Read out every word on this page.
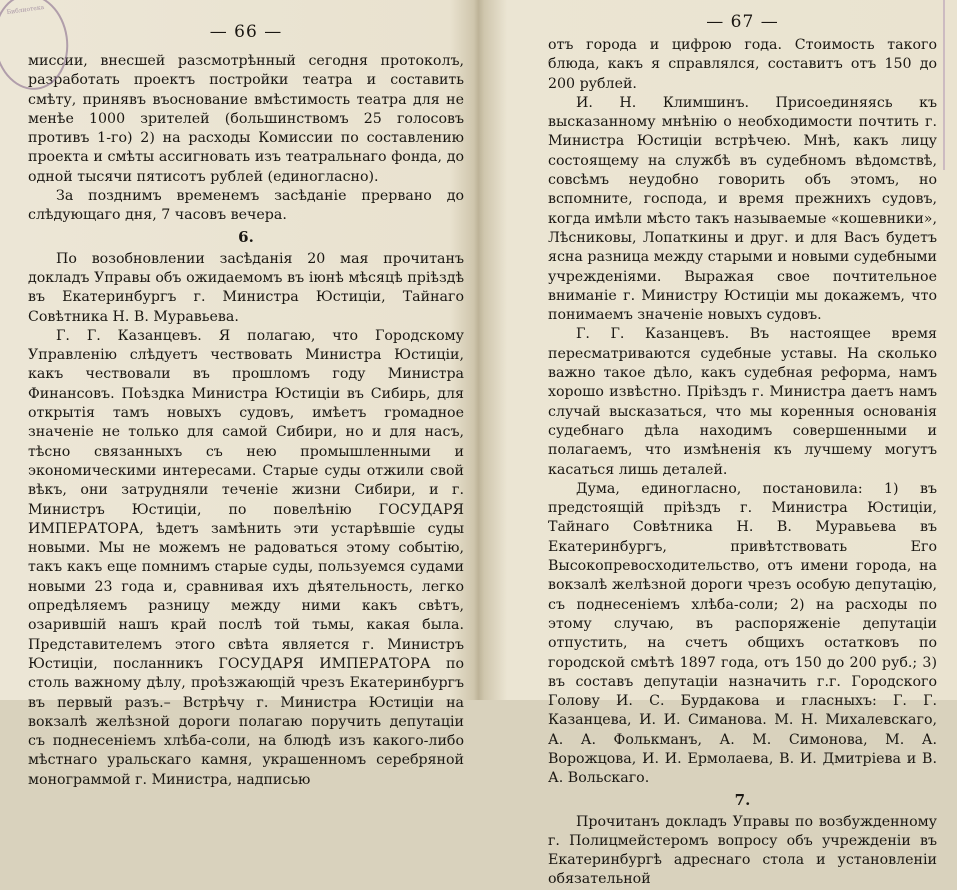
Библиотека
— 66 —

миссии, внесшей разсмотрѣнный сегодня протоколъ, разработать проектъ постройки театра и составить смѣту, принявъ въоснование вмѣстимость театра для не менѣе 1000 зрителей (большинствомъ 25 голосовъ противъ 1-го) 2) на расходы Комиссии по составлению проекта и смѣты ассигновать изъ театральнаго фонда, до одной тысячи пятисотъ рублей (единогласно).

За позднимъ временемъ засѣданіе прервано до слѣдующаго дня, 7 часовъ вечера.

6.

По возобновлении засѣданія 20 мая прочитанъ докладъ Управы объ ожидаемомъ въ іюнѣ мѣсяцѣ пріѣздѣ въ Екатеринбургъ г. Министра Юстиціи, Тайнаго Совѣтника Н. В. Муравьева.

Г. Г. Казанцевъ. Я полагаю, что Городскому Управленію слѣдуетъ чествовать Министра Юстиціи, какъ чествовали въ прошломъ году Министра Финансовъ. Поѣздка Министра Юстиціи въ Сибирь, для открытія тамъ новыхъ судовъ, имѣетъ громадное значеніе не только для самой Сибири, но и для насъ, тѣсно связанныхъ съ нею промышленными и экономическими интересами. Старые суды отжили свой вѣкъ, они затрудняли теченіе жизни Сибири, и г. Министръ Юстиціи, по повелѣнію ГОСУДАРЯ ИМПЕРАТОРА, ѣдетъ замѣнить эти устарѣвшіе суды новыми. Мы не можемъ не радоваться этому событію, такъ какъ еще помнимъ старые суды, пользуемся судами новыми 23 года и, сравнивая ихъ дѣятельность, легко опредѣляемъ разницу между ними какъ свѣтъ, озарившій нашъ край послѣ той тьмы, какая была. Представителемъ этого свѣта является г. Министръ Юстиціи, посланникъ ГОСУДАРЯ ИМПЕРАТОРА по столь важному дѣлу, проѣзжающій чрезъ Екатеринбургъ въ первый разъ.– Встрѣчу г. Министра Юстиціи на вокзалѣ желѣзной дороги полагаю поручить депутаціи съ поднесеніемъ хлѣба-соли, на блюдѣ изъ какого-либо мѣстнаго уральскаго камня, украшенномъ серебряной монограммой г. Министра, надписью

— 67 —

отъ города и цифрою года. Стоимость такого блюда, какъ я справлялся, составитъ отъ 150 до 200 рублей.

И. Н. Климшинъ. Присоединяясь къ высказанному мнѣнію о необходимости почтить г. Министра Юстиціи встрѣчею. Мнѣ, какъ лицу состоящему на службѣ въ судебномъ вѣдомствѣ, совсѣмъ неудобно говорить объ этомъ, но вспомните, господа, и время прежнихъ судовъ, когда имѣли мѣсто такъ называемые «кошевники», Лѣсниковы, Лопаткины и друг. и для Васъ будетъ ясна разница между старыми и новыми судебными учрежденіями. Выражая свое почтительное вниманіе г. Министру Юстиціи мы докажемъ, что понимаемъ значеніе новыхъ судовъ.

Г. Г. Казанцевъ. Въ настоящее время пересматриваются судебные уставы. На сколько важно такое дѣло, какъ судебная реформа, намъ хорошо извѣстно. Пріѣздъ г. Министра даетъ намъ случай высказаться, что мы коренныя основанія судебнаго дѣла находимъ совершенными и полагаемъ, что измѣненія къ лучшему могутъ касаться лишь деталей.

Дума, единогласно, постановила: 1) въ предстоящій пріѣздъ г. Министра Юстиціи, Тайнаго Совѣтника Н. В. Муравьева въ Екатеринбургъ, привѣтствовать Его Высокопревосходительство, отъ имени города, на вокзалѣ желѣзной дороги чрезъ особую депутацію, съ поднесеніемъ хлѣба-соли; 2) на расходы по этому случаю, въ распоряженіе депутаціи отпустить, на счетъ общихъ остатковъ по городской смѣтѣ 1897 года, отъ 150 до 200 руб.; 3) въ составъ депутаціи назначить г.г. Городского Голову И. С. Бурдакова и гласныхъ: Г. Г. Казанцева, И. И. Симанова. М. Н. Михалевскаго, А. А. Фолькманъ, А. М. Симонова, М. А. Ворожцова, И. И. Ермолаева, В. И. Дмитріева и В. А. Вольскаго.

7.

Прочитанъ докладъ Управы по возбужденному г. Полицмейстеромъ вопросу объ учрежденіи въ Екатеринбургѣ адреснаго стола и установленіи обязательной
